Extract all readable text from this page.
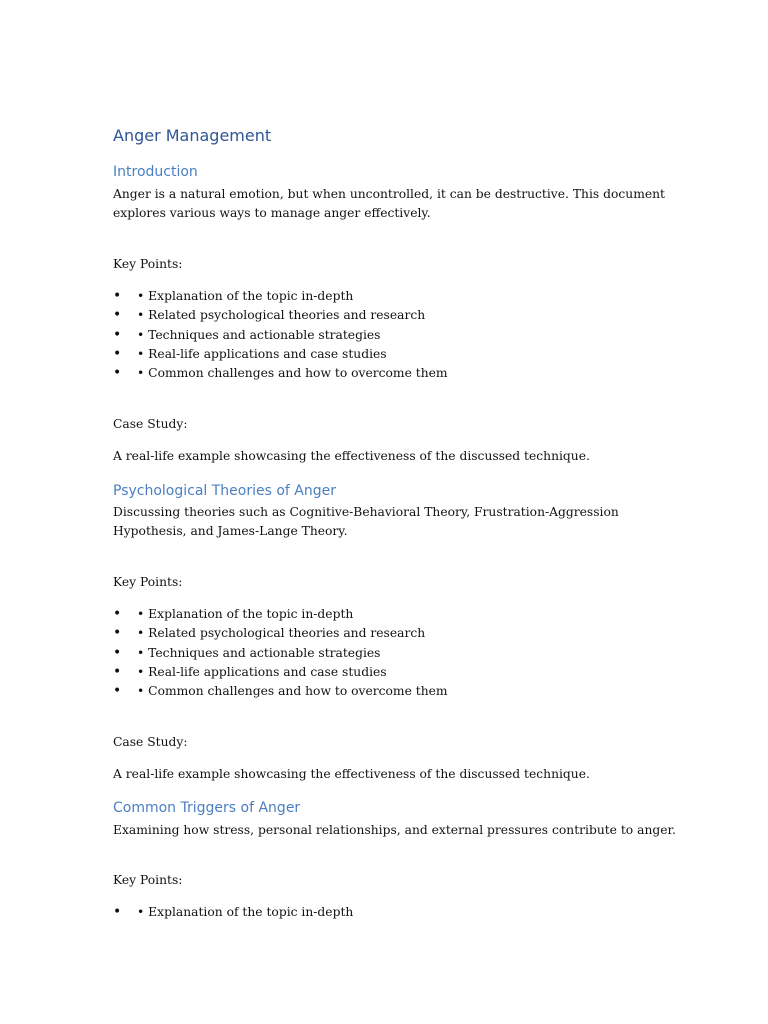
Anger Management
Introduction

Anger is a natural emotion, but when uncontrolled, it can be destructive. This document explores various ways to manage anger effectively.

Key Points:

• • Explanation of the topic in-depth
• • Related psychological theories and research
• • Techniques and actionable strategies
• • Real-life applications and case studies
• • Common challenges and how to overcome them

Case Study:

A real-life example showcasing the effectiveness of the discussed technique.

Psychological Theories of Anger

Discussing theories such as Cognitive-Behavioral Theory, Frustration-Aggression Hypothesis, and James-Lange Theory.

Key Points:

• • Explanation of the topic in-depth
• • Related psychological theories and research
• • Techniques and actionable strategies
• • Real-life applications and case studies
• • Common challenges and how to overcome them

Case Study:

A real-life example showcasing the effectiveness of the discussed technique.

Common Triggers of Anger

Examining how stress, personal relationships, and external pressures contribute to anger.

Key Points:

• • Explanation of the topic in-depth
